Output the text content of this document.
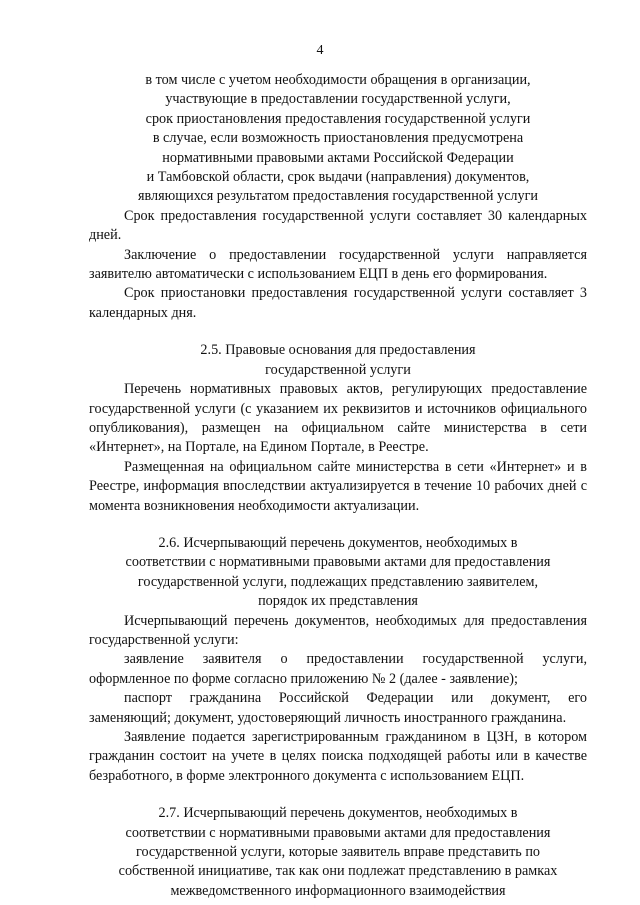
4

в том числе с учетом необходимости обращения в организации,

участвующие в предоставлении государственной услуги,

срок приостановления предоставления государственной услуги

в случае, если возможность приостановления предусмотрена

нормативными правовыми актами Российской Федерации

и Тамбовской области, срок выдачи (направления) документов,

являющихся результатом предоставления государственной услуги

Срок предоставления государственной услуги составляет 30 календарных дней.

Заключение о предоставлении государственной услуги направляется заявителю автоматически с использованием ЕЦП в день его формирования.

Срок приостановки предоставления государственной услуги составляет 3 календарных дня.

2.5. Правовые основания для предоставления

государственной услуги

Перечень нормативных правовых актов, регулирующих предоставление государственной услуги (с указанием их реквизитов и источников официального опубликования), размещен на официальном сайте министерства в сети «Интернет», на Портале, на Едином Портале, в Реестре.

Размещенная на официальном сайте министерства в сети «Интернет» и в Реестре, информация впоследствии актуализируется в течение 10 рабочих дней с момента возникновения необходимости актуализации.

2.6. Исчерпывающий перечень документов, необходимых в

соответствии с нормативными правовыми актами для предоставления

государственной услуги, подлежащих представлению заявителем,

порядок их представления

Исчерпывающий перечень документов, необходимых для предоставления государственной услуги:

заявление заявителя о предоставлении государственной услуги, оформленное по форме согласно приложению № 2 (далее - заявление);

паспорт гражданина Российской Федерации или документ, его заменяющий; документ, удостоверяющий личность иностранного гражданина.

Заявление подается зарегистрированным гражданином в ЦЗН, в котором гражданин состоит на учете в целях поиска подходящей работы или в качестве безработного, в форме электронного документа с использованием ЕЦП.

2.7. Исчерпывающий перечень документов, необходимых в

соответствии с нормативными правовыми актами для предоставления

государственной услуги, которые заявитель вправе представить по

собственной инициативе, так как они подлежат представлению в рамках

межведомственного информационного взаимодействия
